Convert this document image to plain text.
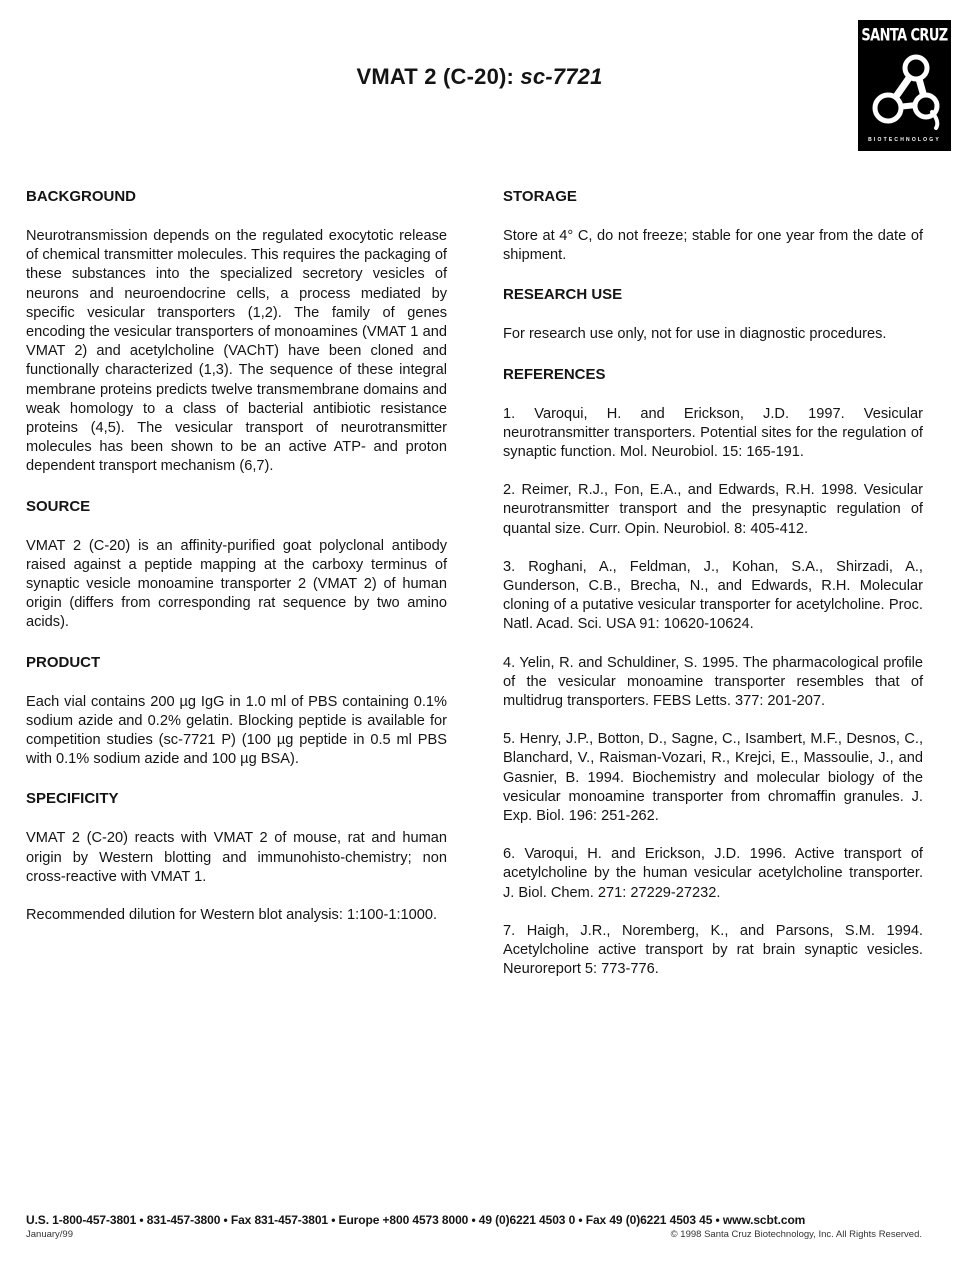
VMAT 2 (C-20): sc-7721
SANTA CRUZ
BIOTECHNOLOGY
BACKGROUND

Neurotransmission depends on the regulated exocytotic release of chemical transmitter molecules. This requires the packaging of these substances into the specialized secretory vesicles of neurons and neuroendocrine cells, a process mediated by specific vesicular transporters (1,2). The family of genes encoding the vesicular transporters of monoamines (VMAT 1 and VMAT 2) and acetylcholine (VAChT) have been cloned and functionally characterized (1,3). The sequence of these integral membrane proteins predicts twelve transmembrane domains and weak homology to a class of bacterial antibiotic resistance proteins (4,5). The vesicular transport of neurotransmitter molecules has been shown to be an active ATP- and proton dependent transport mechanism (6,7).

SOURCE

VMAT 2 (C-20) is an affinity-purified goat polyclonal antibody raised against a peptide mapping at the carboxy terminus of synaptic vesicle monoamine transporter 2 (VMAT 2) of human origin (differs from corresponding rat sequence by two amino acids).

PRODUCT

Each vial contains 200 µg IgG in 1.0 ml of PBS containing 0.1% sodium azide and 0.2% gelatin. Blocking peptide is available for competition studies (sc-7721 P) (100 µg peptide in 0.5 ml PBS with 0.1% sodium azide and 100 µg BSA).

SPECIFICITY

VMAT 2 (C-20) reacts with VMAT 2 of mouse, rat and human origin by Western blotting and immunohisto-chemistry; non cross-reactive with VMAT 1.

Recommended dilution for Western blot analysis: 1:100-1:1000.

STORAGE

Store at 4° C, do not freeze; stable for one year from the date of shipment.

RESEARCH USE

For research use only, not for use in diagnostic procedures.

REFERENCES
1. Varoqui, H. and Erickson, J.D. 1997. Vesicular neurotransmitter transporters. Potential sites for the regulation of synaptic function. Mol. Neurobiol. 15: 165-191.
2. Reimer, R.J., Fon, E.A., and Edwards, R.H. 1998. Vesicular neurotransmitter transport and the presynaptic regulation of quantal size. Curr. Opin. Neurobiol. 8: 405-412.
3. Roghani, A., Feldman, J., Kohan, S.A., Shirzadi, A., Gunderson, C.B., Brecha, N., and Edwards, R.H. Molecular cloning of a putative vesicular transporter for acetylcholine. Proc. Natl. Acad. Sci. USA 91: 10620-10624.
4. Yelin, R. and Schuldiner, S. 1995. The pharmacological profile of the vesicular monoamine transporter resembles that of multidrug transporters. FEBS Letts. 377: 201-207.
5. Henry, J.P., Botton, D., Sagne, C., Isambert, M.F., Desnos, C., Blanchard, V., Raisman-Vozari, R., Krejci, E., Massoulie, J., and Gasnier, B. 1994. Biochemistry and molecular biology of the vesicular monoamine transporter from chromaffin granules. J. Exp. Biol. 196: 251-262.
6. Varoqui, H. and Erickson, J.D. 1996. Active transport of acetylcholine by the human vesicular acetylcholine transporter. J. Biol. Chem. 271: 27229-27232.
7. Haigh, J.R., Noremberg, K., and Parsons, S.M. 1994. Acetylcholine active transport by rat brain synaptic vesicles. Neuroreport 5: 773-776.
U.S. 1-800-457-3801 • 831-457-3800 • Fax 831-457-3801 • Europe +800 4573 8000 • 49 (0)6221 4503 0 • Fax 49 (0)6221 4503 45 • www.scbt.com
January/99	© 1998 Santa Cruz Biotechnology, Inc. All Rights Reserved.
